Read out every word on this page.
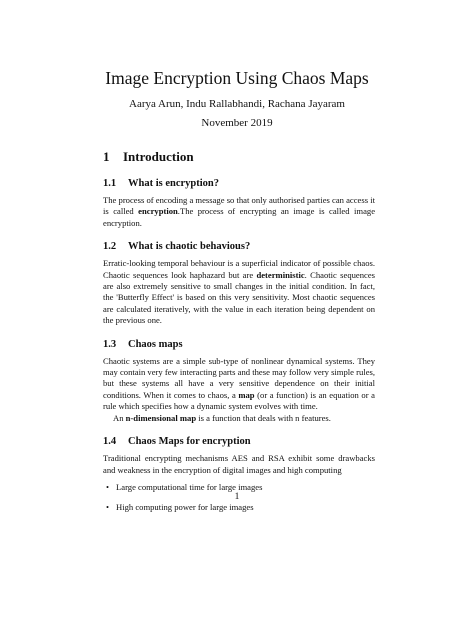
Image Encryption Using Chaos Maps
Aarya Arun, Indu Rallabhandi, Rachana Jayaram
November 2019
1 Introduction
1.1 What is encryption?

The process of encoding a message so that only authorised parties can access it is called encryption.The process of encrypting an image is called image encryption.

1.2 What is chaotic behavious?

Erratic-looking temporal behaviour is a superficial indicator of possible chaos. Chaotic sequences look haphazard but are deterministic. Chaotic sequences are also extremely sensitive to small changes in the initial condition. In fact, the 'Butterfly Effect' is based on this very sensitivity. Most chaotic sequences are calculated iteratively, with the value in each iteration being dependent on the previous one.

1.3 Chaos maps

Chaotic systems are a simple sub-type of nonlinear dynamical systems. They may contain very few interacting parts and these may follow very simple rules, but these systems all have a very sensitive dependence on their initial conditions. When it comes to chaos, a map (or a function) is an equation or a rule which specifies how a dynamic system evolves with time.

An n-dimensional map is a function that deals with n features.

1.4 Chaos Maps for encryption

Traditional encrypting mechanisms AES and RSA exhibit some drawbacks and weakness in the encryption of digital images and high computing

• Large computational time for large images
• High computing power for large images
1
